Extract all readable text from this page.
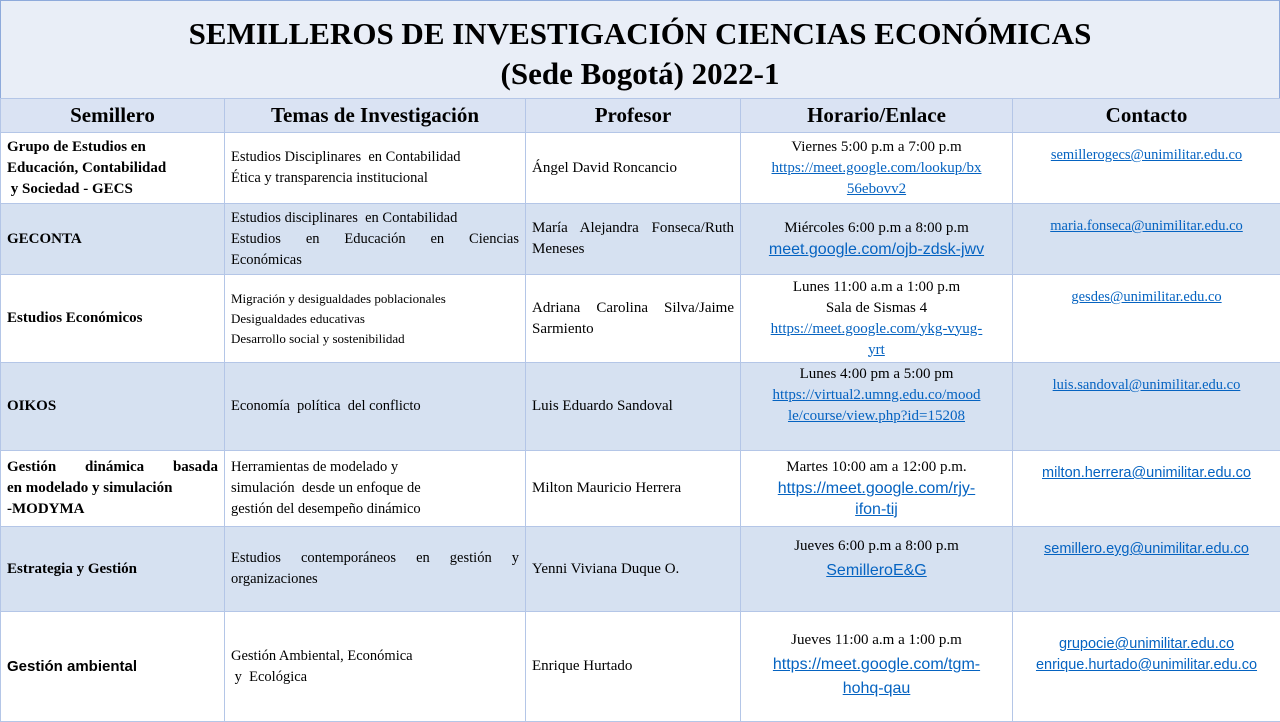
SEMILLEROS DE INVESTIGACIÓN CIENCIAS ECONÓMICAS
(Sede Bogotá) 2022-1
Semillero	Temas de Investigación	Profesor	Horario/Enlace	Contacto

Grupo de Estudios en
Educación, Contabilidad
y Sociedad - GECS	Estudios Disciplinares  en Contabilidad
Ética y transparencia institucional	Ángel David Roncancio	Viernes 5:00 p.m a 7:00 p.m
https://meet.google.com/lookup/bx
56ebovv2	semillerogecs@unimilitar.edu.co

GECONTA	Estudios disciplinares  en Contabilidad
Estudios  en  Educación  en  Ciencias
Económicas	María Alejandra Fonseca/Ruth Meneses	Miércoles 6:00 p.m a 8:00 p.m
meet.google.com/ojb-zdsk-jwv	maria.fonseca@unimilitar.edu.co

Estudios Económicos	Migración y desigualdades poblacionales
Desigualdades educativas
Desarrollo social y sostenibilidad	Adriana Carolina Silva/Jaime Sarmiento	Lunes 11:00 a.m a 1:00 p.m
Sala de Sismas 4
https://meet.google.com/ykg-vyug-
yrt	gesdes@unimilitar.edu.co

OIKOS	Economía  política  del conflicto	Luis Eduardo Sandoval	Lunes 4:00 pm a 5:00 pm
https://virtual2.umng.edu.co/mood
le/course/view.php?id=15208	luis.sandoval@unimilitar.edu.co

Gestión dinámica basada
en modelado y simulación
-MODYMA	Herramientas de modelado y
simulación  desde un enfoque de
gestión del desempeño dinámico	Milton Mauricio Herrera	Martes 10:00 am a 12:00 p.m.
https://meet.google.com/rjy-
ifon-tij	milton.herrera@unimilitar.edu.co

Estrategia y Gestión	Estudios  contemporáneos  en  gestión  y
organizaciones	Yenni Viviana Duque O.	Jueves 6:00 p.m a 8:00 p.m
SemilleroE&G	semillero.eyg@unimilitar.edu.co

Gestión ambiental	Gestión Ambiental, Económica
y  Ecológica	Enrique Hurtado	Jueves 11:00 a.m a 1:00 p.m
https://meet.google.com/tgm-
hohq-qau	grupocie@unimilitar.edu.co
enrique.hurtado@unimilitar.edu.co
